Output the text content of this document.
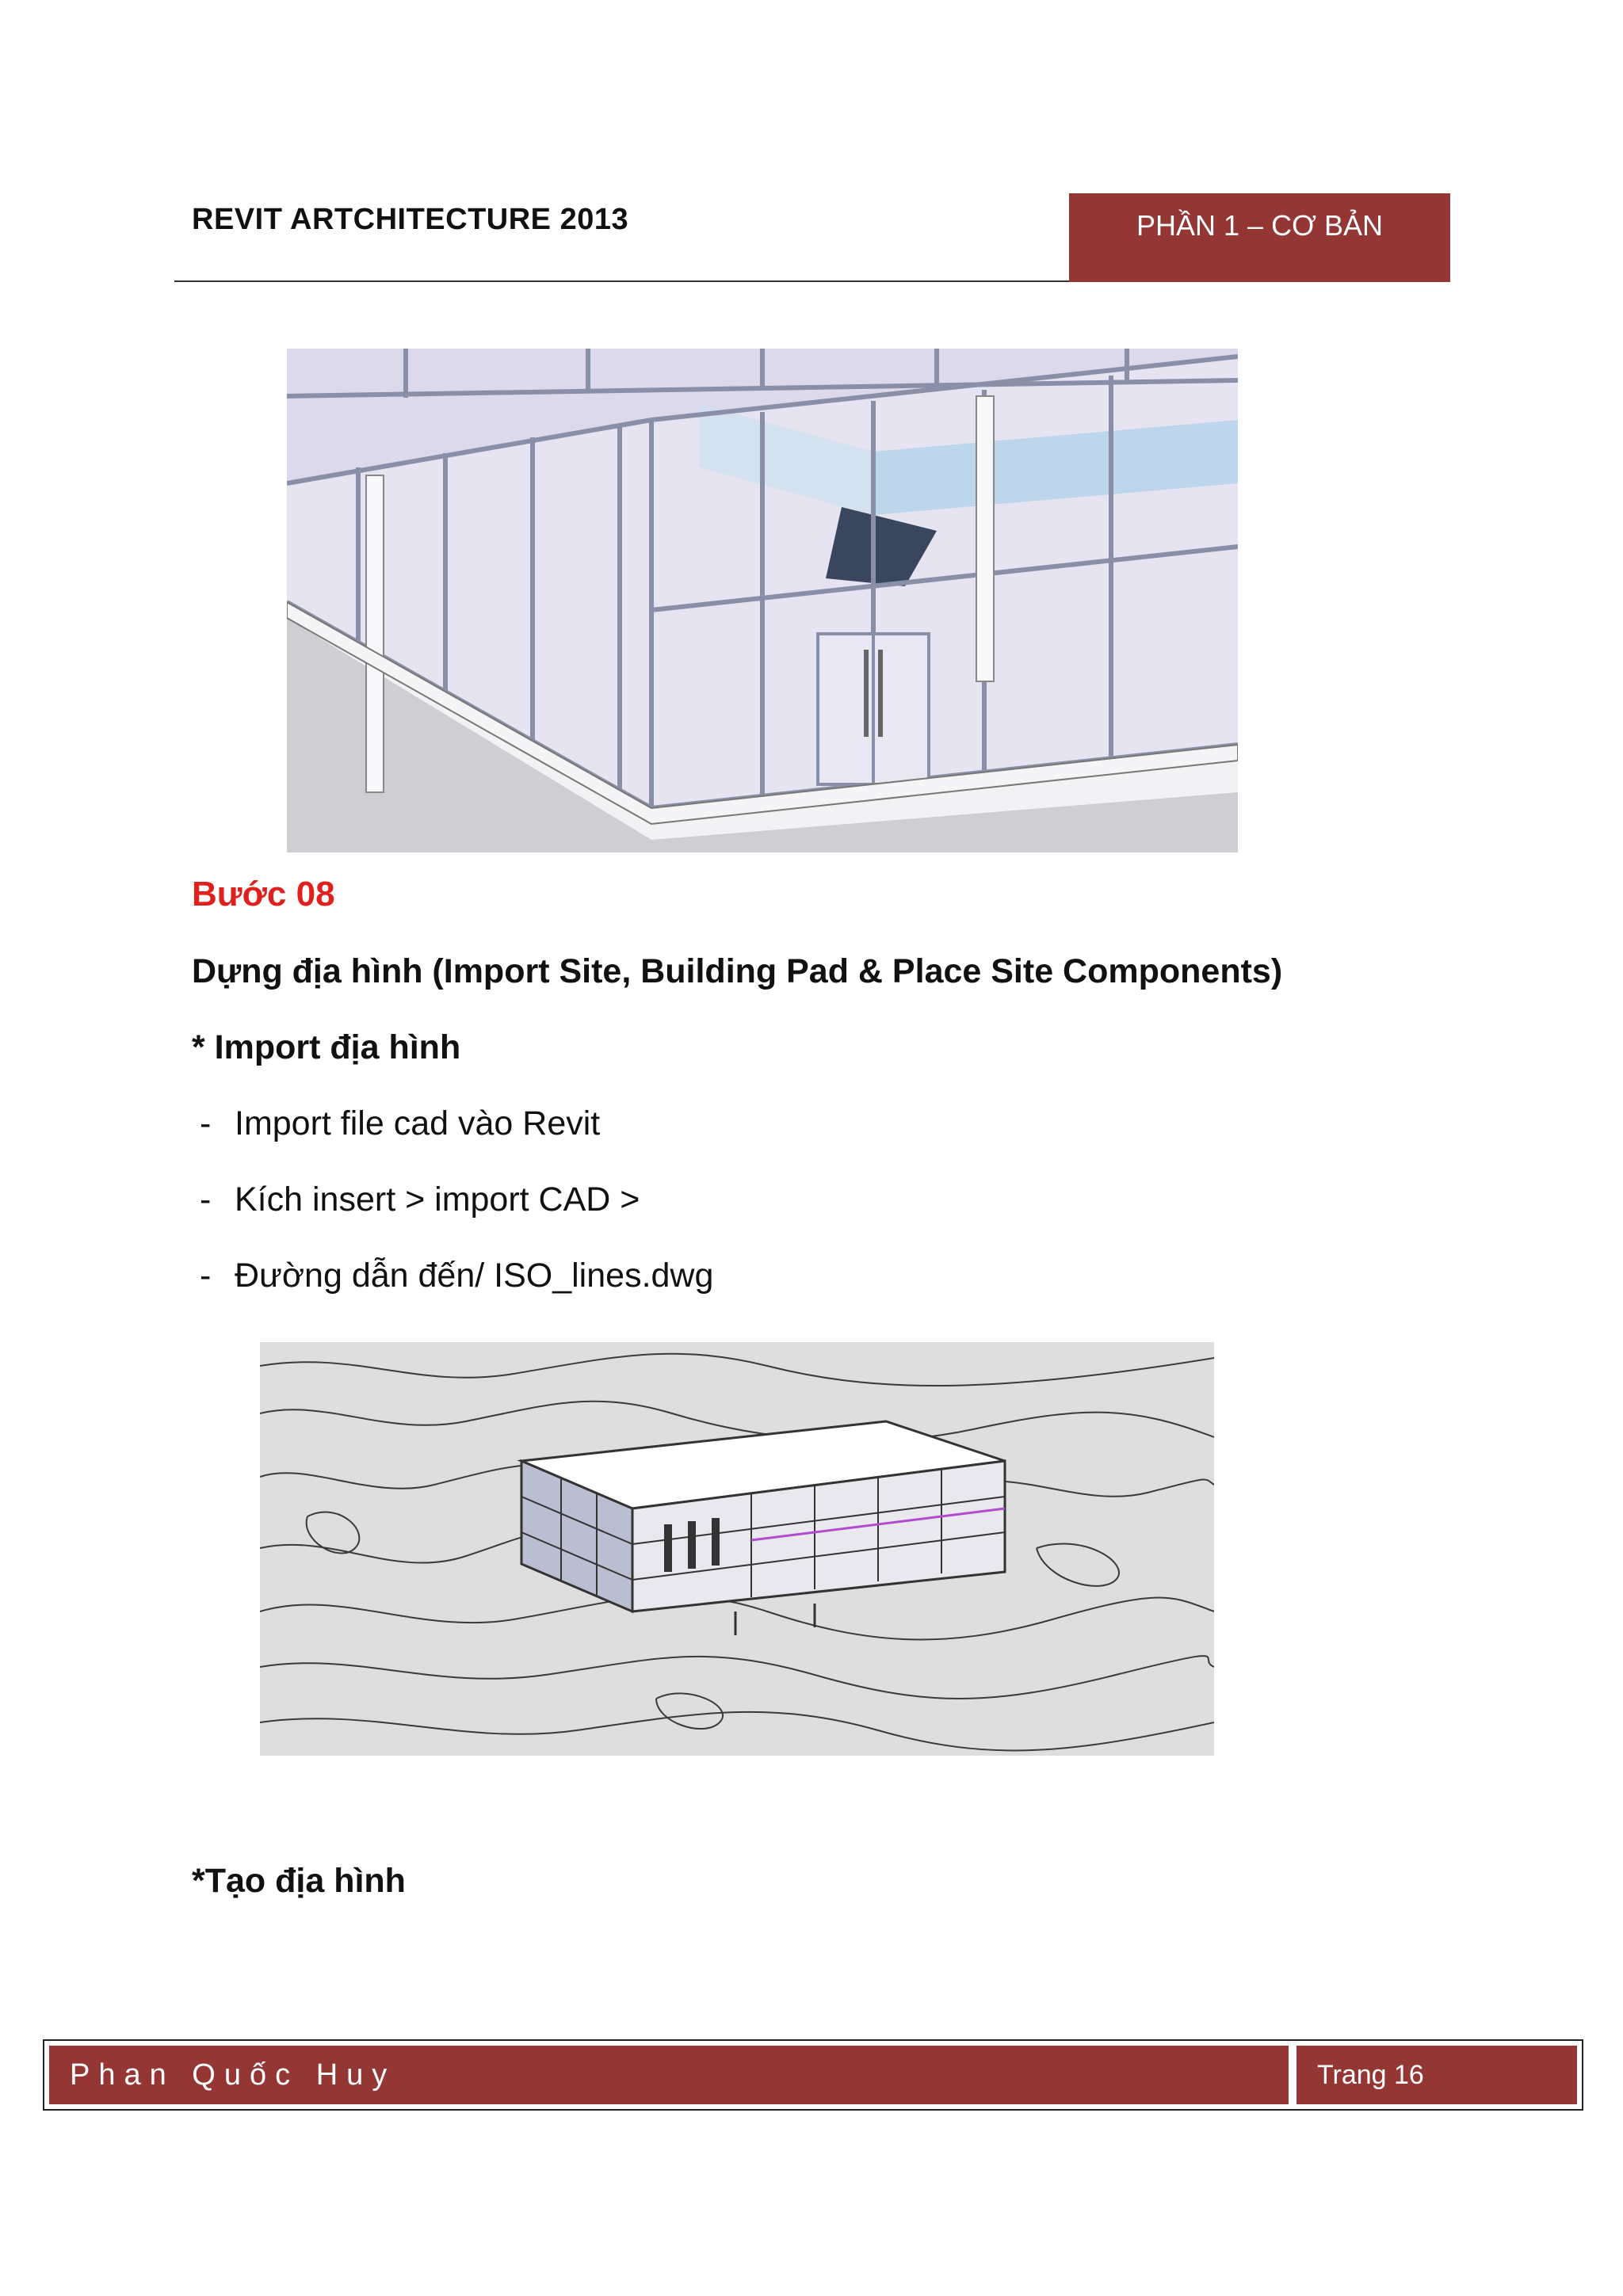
REVIT ARTCHITECTURE 2013	PHẦN 1 – CƠ BẢN
Bước 08
Dựng địa hình (Import Site, Building Pad & Place Site Components)
* Import địa hình
- Import file cad vào Revit
- Kích insert > import CAD >
- Đường dẫn đến/ ISO_lines.dwg
*Tạo địa hình
Phan Quốc Huy	Trang 16
